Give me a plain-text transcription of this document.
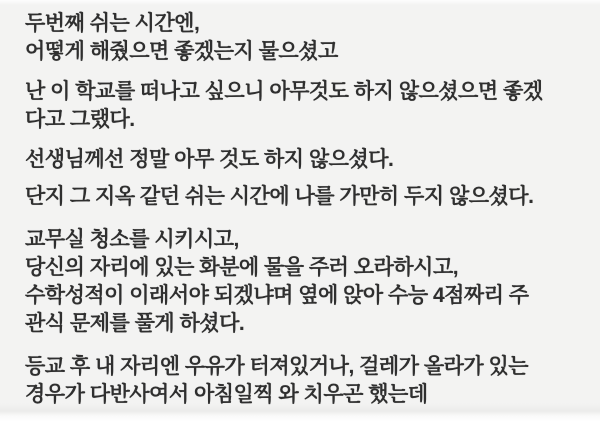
두번째 쉬는 시간엔,
어떻게 해줬으면 좋겠는지 물으셨고

난 이 학교를 떠나고 싶으니 아무것도 하지 않으셨으면 좋겠
다고 그랬다.

선생님께선 정말 아무 것도 하지 않으셨다.

단지 그 지옥 같던 쉬는 시간에 나를 가만히 두지 않으셨다.

교무실 청소를 시키시고,
당신의 자리에 있는 화분에 물을 주러 오라하시고,
수학성적이 이래서야 되겠냐며 옆에 앉아 수능 4점짜리 주
관식 문제를 풀게 하셨다.

등교 후 내 자리엔 우유가 터져있거나, 걸레가 올라가 있는
경우가 다반사여서 아침일찍 와 치우곤 했는데
